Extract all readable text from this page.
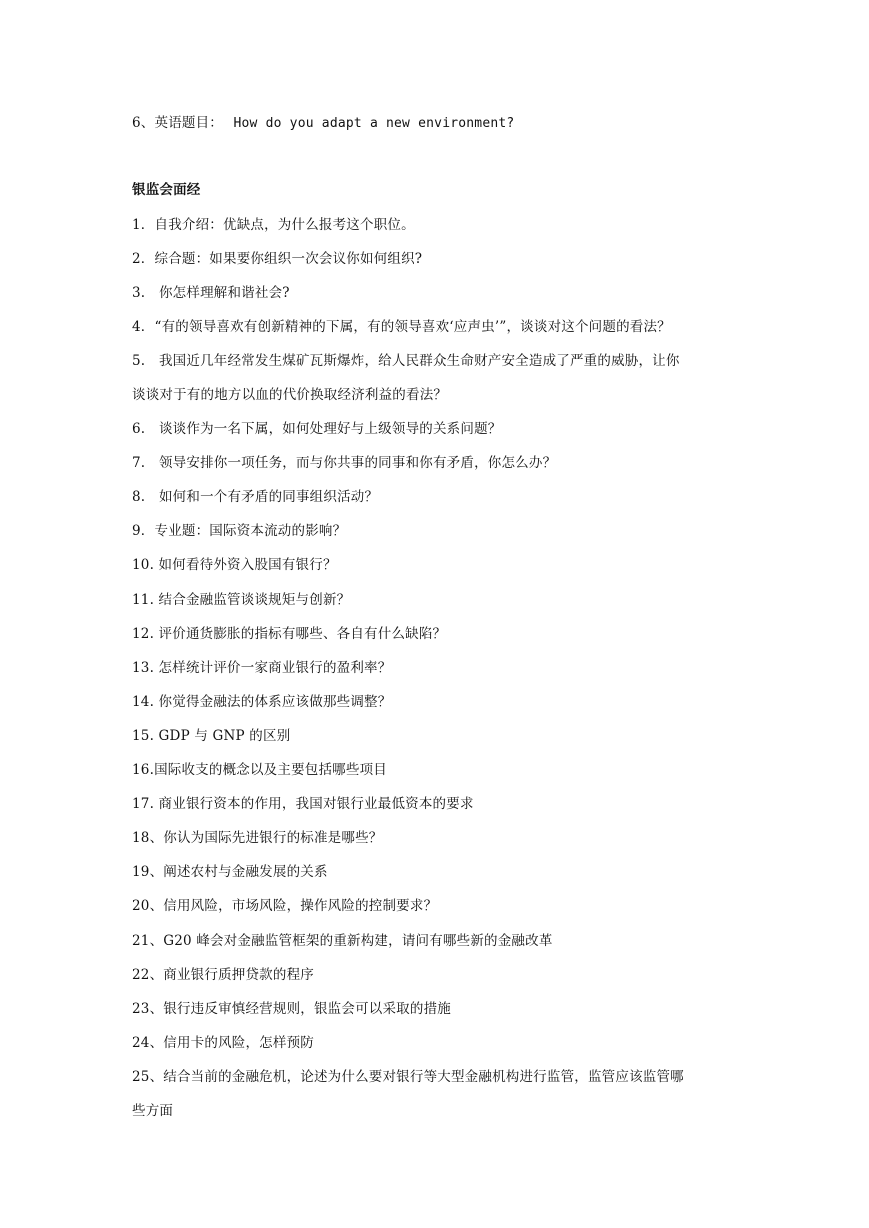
6、英语题目： How do you adapt a new environment?
银监会面经
1．自我介绍：优缺点，为什么报考这个职位。
2．综合题：如果要你组织一次会议你如何组织?
3.　你怎样理解和谐社会?
4．“有的领导喜欢有创新精神的下属，有的领导喜欢‘应声虫’”，谈谈对这个问题的看法？
5.　我国近几年经常发生煤矿瓦斯爆炸，给人民群众生命财产安全造成了严重的威胁，让你
谈谈对于有的地方以血的代价换取经济利益的看法？
6.　谈谈作为一名下属，如何处理好与上级领导的关系问题？
7.　领导安排你一项任务，而与你共事的同事和你有矛盾，你怎么办？
8.　如何和一个有矛盾的同事组织活动？
9．专业题：国际资本流动的影响？
10. 如何看待外资入股国有银行？
11. 结合金融监管谈谈规矩与创新？
12. 评价通货膨胀的指标有哪些、各自有什么缺陷？
13. 怎样统计评价一家商业银行的盈利率？
14. 你觉得金融法的体系应该做那些调整？
15. GDP 与 GNP 的区别
16.国际收支的概念以及主要包括哪些项目
17. 商业银行资本的作用，我国对银行业最低资本的要求
18、你认为国际先进银行的标准是哪些？
19、阐述农村与金融发展的关系
20、信用风险，市场风险，操作风险的控制要求？
21、G20 峰会对金融监管框架的重新构建，请问有哪些新的金融改革
22、商业银行质押贷款的程序
23、银行违反审慎经营规则，银监会可以采取的措施
24、信用卡的风险，怎样预防
25、结合当前的金融危机，论述为什么要对银行等大型金融机构进行监管，监管应该监管哪
些方面
